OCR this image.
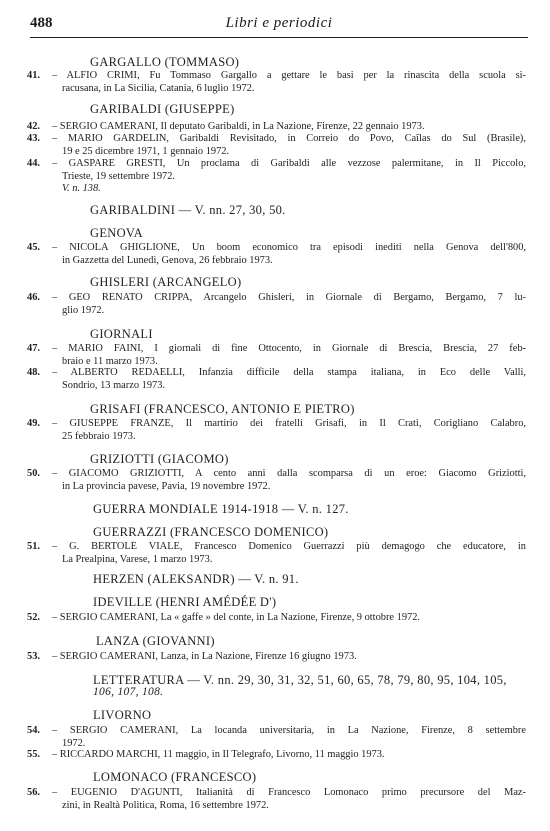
488	Libri e periodici
GARGALLO (TOMMASO)
41. – ALFIO CRIMI, Fu Tommaso Gargallo a gettare le basi per la rinascita della scuola si-
racusana, in La Sicilia, Catania, 6 luglio 1972.
GARIBALDI (GIUSEPPE)
42. – SERGIO CAMERANI, Il deputato Garibaldi, in La Nazione, Firenze, 22 gennaio 1973.
43. – MARIO GARDELIN, Garibaldi Revisitado, in Correio do Povo, Caîlas do Sul (Brasile),
19 e 25 dicembre 1971, 1 gennaio 1972.
44. – GASPARE GRESTI, Un proclama di Garibaldi alle vezzose palermitane, in Il Piccolo,
Trieste, 19 settembre 1972.
V. n. 138.
GARIBALDINI — V. nn. 27, 30, 50.
GENOVA
45. – NICOLA GHIGLIONE, Un boom economico tra episodi inediti nella Genova dell'800,
in Gazzetta del Lunedì, Genova, 26 febbraio 1973.
GHISLERI (ARCANGELO)
46. – GEO RENATO CRIPPA, Arcangelo Ghisleri, in Giornale di Bergamo, Bergamo, 7 lu-
glio 1972.
GIORNALI
47. – MARIO FAINI, I giornali di fine Ottocento, in Giornale di Brescia, Brescia, 27 feb-
braio e 11 marzo 1973.
48. – ALBERTO REDAELLI, Infanzia difficile della stampa italiana, in Eco delle Valli,
Sondrio, 13 marzo 1973.
GRISAFI (FRANCESCO, ANTONIO E PIETRO)
49. – GIUSEPPE FRANZE, Il martirio dei fratelli Grisafi, in Il Crati, Corigliano Calabro,
25 febbraio 1973.
GRIZIOTTI (GIACOMO)
50. – GIACOMO GRIZIOTTI, A cento anni dalla scomparsa di un eroe: Giacomo Griziotti,
in La provincia pavese, Pavia, 19 novembre 1972.
GUERRA MONDIALE 1914-1918 — V. n. 127.
GUERRAZZI (FRANCESCO DOMENICO)
51. – G. BERTOLÉ VIALE, Francesco Domenico Guerrazzi più demagogo che educatore, in
La Prealpina, Varese, 1 marzo 1973.
HERZEN (ALEKSANDR) — V. n. 91.
IDEVILLE (HENRI AMÉDÉE D')
52. – SERGIO CAMERANI, La « gaffe » del conte, in La Nazione, Firenze, 9 ottobre 1972.
LANZA (GIOVANNI)
53. – SERGIO CAMERANI, Lanza, in La Nazione, Firenze 16 giugno 1973.
LETTERATURA — V. nn. 29, 30, 31, 32, 51, 60, 65, 78, 79, 80, 95, 104, 105,
106, 107, 108.
LIVORNO
54. – SERGIO CAMERANI, La locanda universitaria, in La Nazione, Firenze, 8 settembre
1972.
55. – RICCARDO MARCHI, 11 maggio, in Il Telegrafo, Livorno, 11 maggio 1973.
LOMONACO (FRANCESCO)
56. – EUGENIO D'AGUNTI, Italianità di Francesco Lomonaco primo precursore del Maz-
zini, in Realtà Politica, Roma, 16 settembre 1972.
